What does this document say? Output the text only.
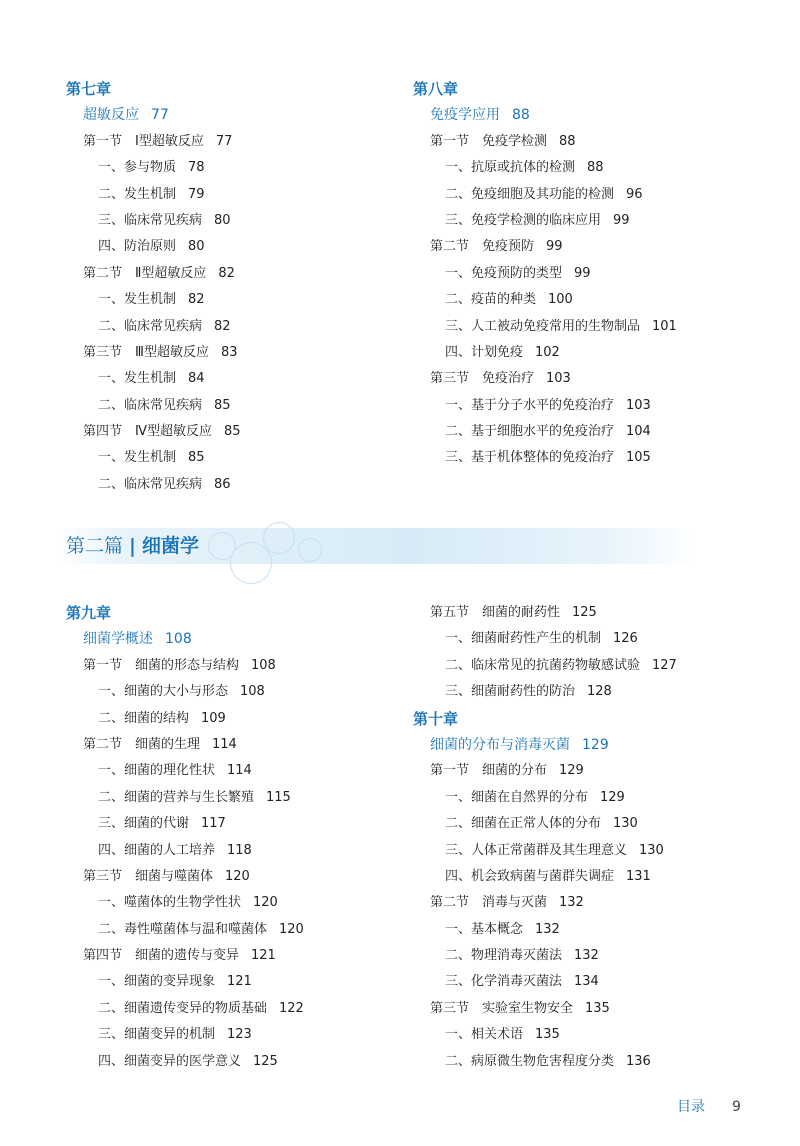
第七章
超敏反应 77
第一节　Ⅰ型超敏反应 77
一、参与物质 78
二、发生机制 79
三、临床常见疾病 80
四、防治原则 80
第二节　Ⅱ型超敏反应 82
一、发生机制 82
二、临床常见疾病 82
第三节　Ⅲ型超敏反应 83
一、发生机制 84
二、临床常见疾病 85
第四节　Ⅳ型超敏反应 85
一、发生机制 85
二、临床常见疾病 86
第八章
免疫学应用 88
第一节　免疫学检测 88
一、抗原或抗体的检测 88
二、免疫细胞及其功能的检测 96
三、免疫学检测的临床应用 99
第二节　免疫预防 99
一、免疫预防的类型 99
二、疫苗的种类 100
三、人工被动免疫常用的生物制品 101
四、计划免疫 102
第三节　免疫治疗 103
一、基于分子水平的免疫治疗 103
二、基于细胞水平的免疫治疗 104
三、基于机体整体的免疫治疗 105
第二篇 | 细菌学
第九章
细菌学概述 108
第一节　细菌的形态与结构 108
一、细菌的大小与形态 108
二、细菌的结构 109
第二节　细菌的生理 114
一、细菌的理化性状 114
二、细菌的营养与生长繁殖 115
三、细菌的代谢 117
四、细菌的人工培养 118
第三节　细菌与噬菌体 120
一、噬菌体的生物学性状 120
二、毒性噬菌体与温和噬菌体 120
第四节　细菌的遗传与变异 121
一、细菌的变异现象 121
二、细菌遗传变异的物质基础 122
三、细菌变异的机制 123
四、细菌变异的医学意义 125
第五节　细菌的耐药性 125
一、细菌耐药性产生的机制 126
二、临床常见的抗菌药物敏感试验 127
三、细菌耐药性的防治 128
第十章
细菌的分布与消毒灭菌 129
第一节　细菌的分布 129
一、细菌在自然界的分布 129
二、细菌在正常人体的分布 130
三、人体正常菌群及其生理意义 130
四、机会致病菌与菌群失调症 131
第二节　消毒与灭菌 132
一、基本概念 132
二、物理消毒灭菌法 132
三、化学消毒灭菌法 134
第三节　实验室生物安全 135
一、相关术语 135
二、病原微生物危害程度分类 136
目录 9
